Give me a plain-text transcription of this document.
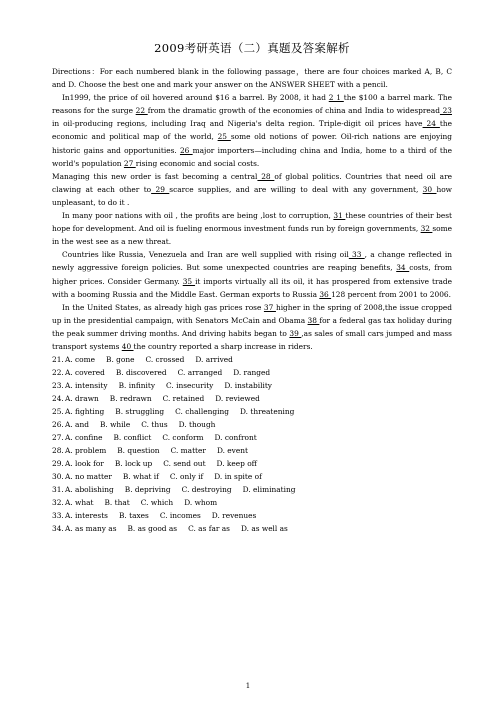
2009考研英语（二）真题及答案解析

Directions：For each numbered blank in the following passage，there are four choices marked A, B, C and D. Choose the best one and mark your answer on the ANSWER SHEET with a pencil.

In1999, the price of oil hovered around $16 a barrel. By 2008, it had 2 1 the $100 a barrel mark. The reasons for the surge 22 from the dramatic growth of the economies of china and India to widespread 23 in oil-producing regions, including Iraq and Nigeria's delta region. Triple-digit oil prices have 24 the economic and political map of the world, 25 some old notions of power. Oil-rich nations are enjoying historic gains and opportunities. 26 major importers—including china and India, home to a third of the world's population 27 rising economic and social costs.

Managing this new order is fast becoming a central 28 of global politics. Countries that need oil are clawing at each other to 29 scarce supplies, and are willing to deal with any government, 30 how unpleasant, to do it .

In many poor nations with oil , the profits are being ,lost to corruption, 31 these countries of their best hope for development. And oil is fueling enormous investment funds run by foreign governments, 32 some in the west see as a new threat.

Countries like Russia, Venezuela and Iran are well supplied with rising oil 33 , a change reflected in newly aggressive foreign policies. But some unexpected countries are reaping benefits, 34 costs, from higher prices. Consider Germany. 35 it imports virtually all its oil, it has prospered from extensive trade with a booming Russia and the Middle East. German exports to Russia 36 128 percent from 2001 to 2006.

In the United States, as already high gas prices rose 37 higher in the spring of 2008,the issue cropped up in the presidential campaign, with Senators McCain and Obama 38 for a federal gas tax holiday during the peak summer driving months. And driving habits began to 39 ,as sales of small cars jumped and mass transport systems 40 the country reported a sharp increase in riders.

21.A. come B. gone C. crossed D. arrived
22.A. covered B. discovered C. arranged D. ranged
23.A. intensity B. infinity C. insecurity D. instability
24.A. drawn B. redrawn C. retained D. reviewed
25.A. fighting B. struggling C. challenging D. threatening
26.A. and B. while C. thus D. though
27.A. confine B. conflict C. conform D. confront
28.A. problem B. question C. matter D. event
29.A. look for B. lock up C. send out D. keep off
30.A. no matter B. what if C. only if D. in spite of
31.A. abolishing B. depriving C. destroying D. eliminating
32.A. what B. that C. which D. whom
33.A. interests B. taxes C. incomes D. revenues
34.A. as many as B. as good as C. as far as D. as well as
1
